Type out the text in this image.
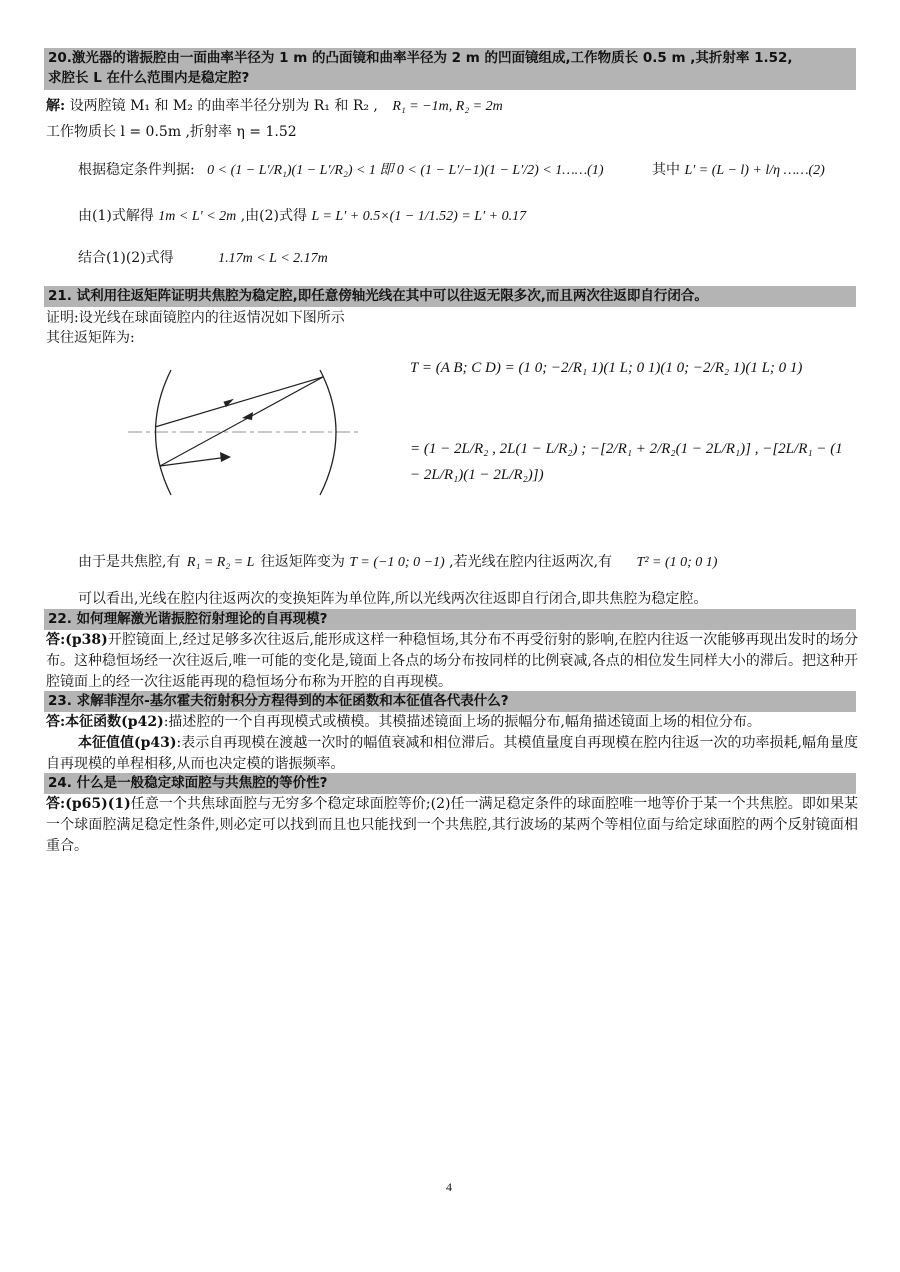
20.激光器的谐振腔由一面曲率半径为 1 m 的凸面镜和曲率半径为 2 m 的凹面镜组成,工作物质长 0.5 m ,其折射率 1.52,
求腔长 L 在什么范围内是稳定腔?
解: 设两腔镜 M₁ 和 M₂ 的曲率半径分别为 R₁ 和 R₂ , R₁ = −1m, R₂ = 2m
工作物质长 l = 0.5m ,折射率 η = 1.52
根据稳定条件判据: 0 < (1 − L′/R₁)(1 − L′/R₂) < 1 即 0 < (1 − L′/−1)(1 − L′/2) < 1……(1)	其中 L′ = (L − l) + l/η ……(2)
由(1)式解得 1m < L′ < 2m ,由(2)式得 L = L′ + 0.5×(1 − 1/1.52) = L′ + 0.17
结合(1)(2)式得	1.17m < L < 2.17m
21. 试利用往返矩阵证明共焦腔为稳定腔,即任意傍轴光线在其中可以往返无限多次,而且两次往返即自行闭合。
证明:设光线在球面镜腔内的往返情况如下图所示
其往返矩阵为:
T = (A B; C D) = (1 0; −2/R₁ 1)(1 L; 0 1)(1 0; −2/R₂ 1)(1 L; 0 1)
= (1 − 2L/R₂ , 2L(1 − L/R₂) ; −[2/R₁ + 2/R₂(1 − 2L/R₁)] , −[2L/R₁ − (1 − 2L/R₁)(1 − 2L/R₂)])
由于是共焦腔,有 R₁ = R₂ = L 往返矩阵变为 T = (−1 0; 0 −1) ,若光线在腔内往返两次,有 T² = (1 0; 0 1)
可以看出,光线在腔内往返两次的变换矩阵为单位阵,所以光线两次往返即自行闭合,即共焦腔为稳定腔。
22. 如何理解激光谐振腔衍射理论的自再现模?
答:(p38)开腔镜面上,经过足够多次往返后,能形成这样一种稳恒场,其分布不再受衍射的影响,在腔内往返一次能够再现出发时的场分布。这种稳恒场经一次往返后,唯一可能的变化是,镜面上各点的场分布按同样的比例衰减,各点的相位发生同样大小的滞后。把这种开腔镜面上的经一次往返能再现的稳恒场分布称为开腔的自再现模。
23. 求解菲涅尔-基尔霍夫衍射积分方程得到的本征函数和本征值各代表什么?
答:本征函数(p42):描述腔的一个自再现模式或横模。其模描述镜面上场的振幅分布,幅角描述镜面上场的相位分布。
本征值值(p43):表示自再现模在渡越一次时的幅值衰减和相位滞后。其模值量度自再现模在腔内往返一次的功率损耗,幅角量度自再现模的单程相移,从而也决定模的谐振频率。
24. 什么是一般稳定球面腔与共焦腔的等价性?
答:(p65)(1)任意一个共焦球面腔与无穷多个稳定球面腔等价;(2)任一满足稳定条件的球面腔唯一地等价于某一个共焦腔。即如果某一个球面腔满足稳定性条件,则必定可以找到而且也只能找到一个共焦腔,其行波场的某两个等相位面与给定球面腔的两个反射镜面相重合。
4
